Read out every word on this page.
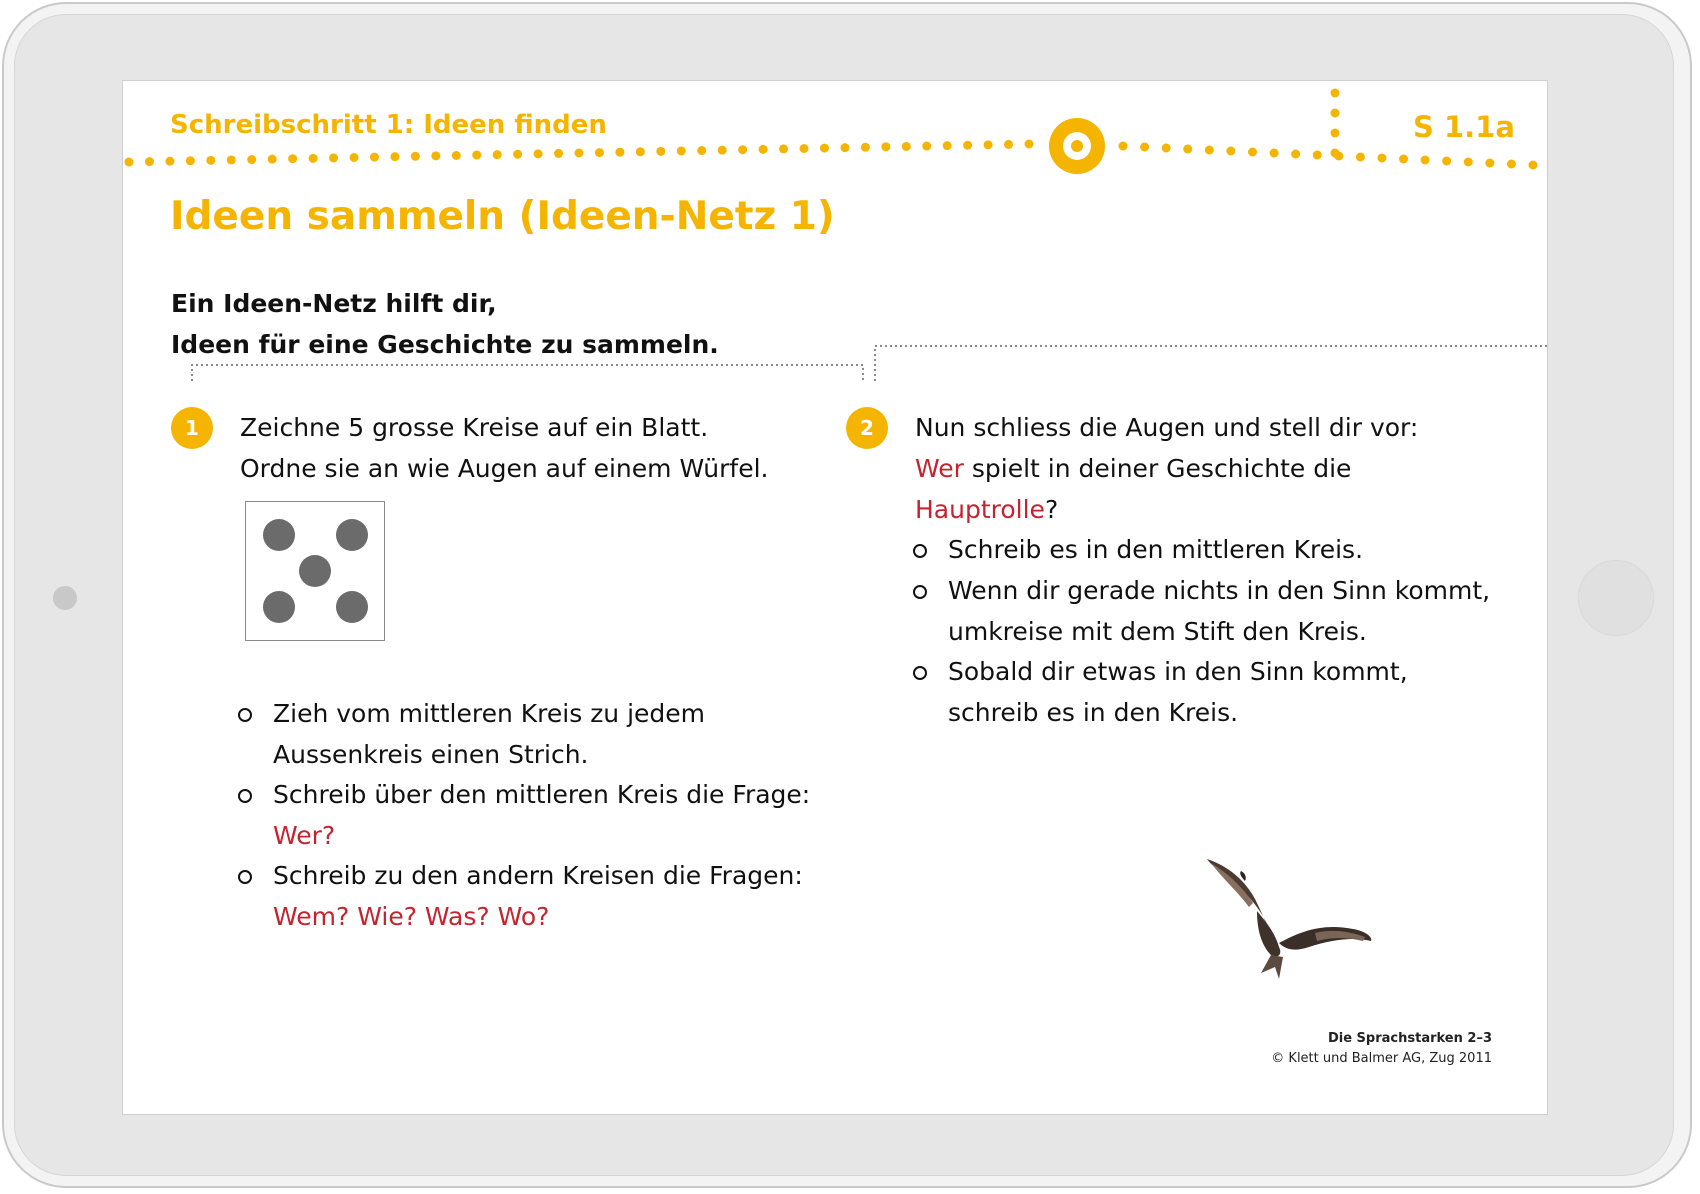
Schreibschritt 1: Ideen finden	S 1.1a
Ideen sammeln (Ideen-Netz 1)
Ein Ideen-Netz hilft dir,
Ideen für eine Geschichte zu sammeln.
1	Zeichne 5 grosse Kreise auf ein Blatt.
Ordne sie an wie Augen auf einem Würfel.
Zieh vom mittleren Kreis zu jedem
Aussenkreis einen Strich.
Schreib über den mittleren Kreis die Frage:
Wer?
Schreib zu den andern Kreisen die Fragen:
Wem? Wie? Was? Wo?
2	Nun schliess die Augen und stell dir vor:
Wer spielt in deiner Geschichte die
Hauptrolle?
Schreib es in den mittleren Kreis.
Wenn dir gerade nichts in den Sinn kommt,
umkreise mit dem Stift den Kreis.
Sobald dir etwas in den Sinn kommt,
schreib es in den Kreis.
Die Sprachstarken 2–3
© Klett und Balmer AG, Zug 2011
